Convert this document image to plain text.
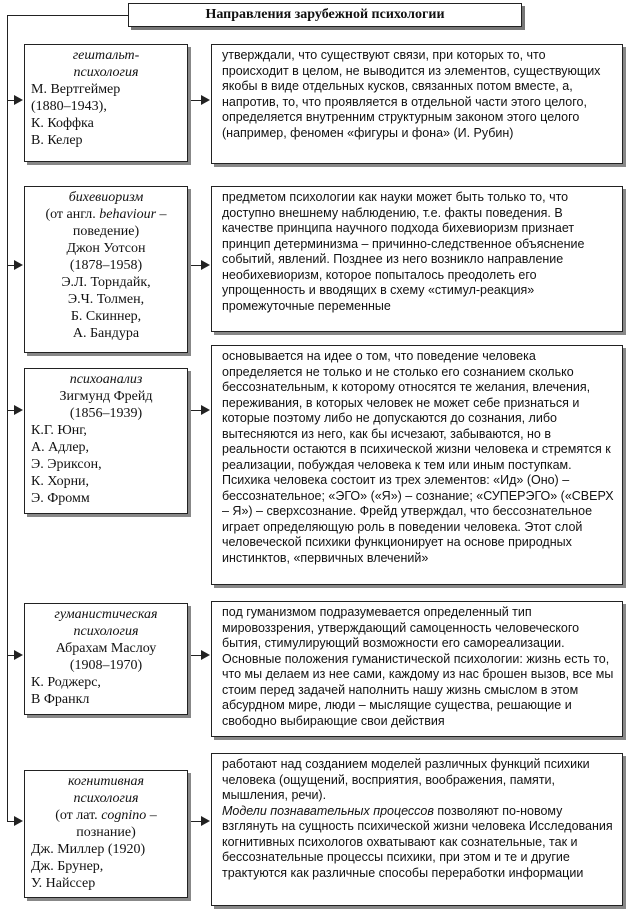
Направления зарубежной психологии
гештальт-
психология
М. Вертгеймер
(1880–1943),
К. Коффка
В. Келер
утверждали, что существуют связи, при которых то, что происходит в целом, не выводится из элементов, существующих якобы в виде отдельных кусков, связанных потом вместе, а, напротив, то, что проявляется в отдельной части этого целого, определяется внутренним структурным законом этого целого (например, феномен «фигуры и фона» (И. Рубин)
бихевиоризм
(от англ. behaviour –
поведение)
Джон Уотсон
(1878–1958)
Э.Л. Торндайк,
Э.Ч. Толмен,
Б. Скиннер,
А. Бандура
предметом психологии как науки может быть только то, что доступно внешнему наблюдению, т.е. факты поведения. В качестве принципа научного подхода бихевиоризм признает принцип детерминизма – причинно-следственное объяснение событий, явлений. Позднее из него возникло направление необихевиоризм, которое попыталось преодолеть его упрощенность и вводящих в схему «стимул-реакция» промежуточные переменные
психоанализ
Зигмунд Фрейд
(1856–1939)
К.Г. Юнг,
А. Адлер,
Э. Эриксон,
К. Хорни,
Э. Фромм
основывается на идее о том, что поведение человека определяется не только и не столько его сознанием сколько бессознательным, к которому относятся те желания, влечения, переживания, в которых человек не может себе признаться и которые поэтому либо не допускаются до сознания, либо вытесняются из него, как бы исчезают, забываются, но в реальности остаются в психической жизни человека и стремятся к реализации, побуждая человека к тем или иным поступкам. Психика человека состоит из трех элементов: «Ид» (Оно) – бессознательное; «ЭГО» («Я») – сознание; «СУПЕРЭГО» («СВЕРХ – Я») – сверхсознание. Фрейд утверждал, что бессознательное играет определяющую роль в поведении человека. Этот слой человеческой психики функционирует на основе природных инстинктов, «первичных влечений»
гуманистическая
психология
Абрахам Маслоу
(1908–1970)
К. Роджерс,
В Франкл
под гуманизмом подразумевается определенный тип мировоззрения, утверждающий самоценность человеческого бытия, стимулирующий возможности его самореализации. Основные положения гуманистической психологии: жизнь есть то, что мы делаем из нее сами, каждому из нас брошен вызов, все мы стоим перед задачей наполнить нашу жизнь смыслом в этом абсурдном мире, люди – мыслящие существа, решающие и свободно выбирающие свои действия
когнитивная
психология
(от лат. cognino –
познание)
Дж. Миллер (1920)
Дж. Брунер,
У. Найссер
работают над созданием моделей различных функций психики человека (ощущений, восприятия, воображения, памяти, мышления, речи).
Модели познавательных процессов позволяют по-новому взглянуть на сущность психической жизни человека Исследования когнитивных психологов охватывают как сознательные, так и бессознательные процессы психики, при этом и те и другие трактуются как различные способы переработки информации
